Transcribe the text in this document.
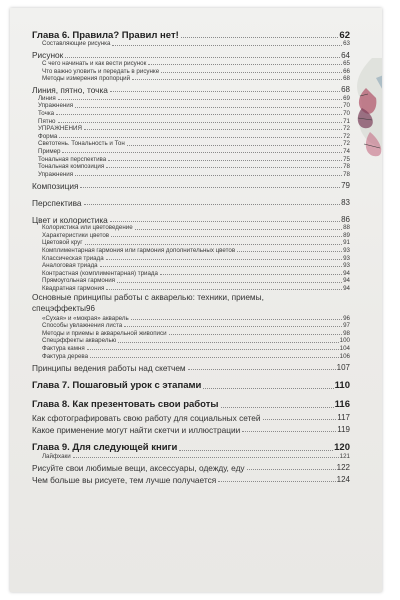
Глава 6. Правила? Правил нет!	62
Составляющие рисунка	63
Рисунок	64
С чего начинать и как вести рисунок	65
Что важно уловить и передать в рисунке	66
Методы измерения пропорций	68
Линия, пятно, точка	68
Линия	69
Упражнения	70
Точка	70
Пятно	71
УПРАЖНЕНИЯ	72
Форма	72
Светотень. Тональность и Тон	72
Пример	74
Тональная перспектива	75
Тональная композиция	78
Упражнения	78
Композиция	79
Перспектива	83
Цвет и колористика	86
Колористика или цветоведение	88
Характеристики цветов	89
Цветовой круг	91
Комплиментарная гармония или гармония дополнительных цветов	93
Классическая триада	93
Аналоговая триада	93
Контрастная (комплиментарная) триада	94
Прямоугольная гармония	94
Квадратная гармония	94
Основные принципы работы с акварелью: техники, приемы,
спецэффекты 96
«Сухая» и «мокрая» акварель	96
Способы увлажнения листа	97
Методы и приемы в акварельной живописи	98
Спецэффекты акварелью	100
Фактура камня	104
Фактура дерева	106
Принципы ведения работы над скетчем	107
Глава 7. Пошаговый урок с этапами	110
Глава 8. Как презентовать свои работы	116
Как сфотографировать свою работу для социальных сетей	117
Какое применение могут найти скетчи и иллюстрации	119
Глава 9. Для следующей книги	120
Лайфхаки	121
Рисуйте свои любимые вещи, аксессуары, одежду, еду	122
Чем больше вы рисуете, тем лучше получается	124
